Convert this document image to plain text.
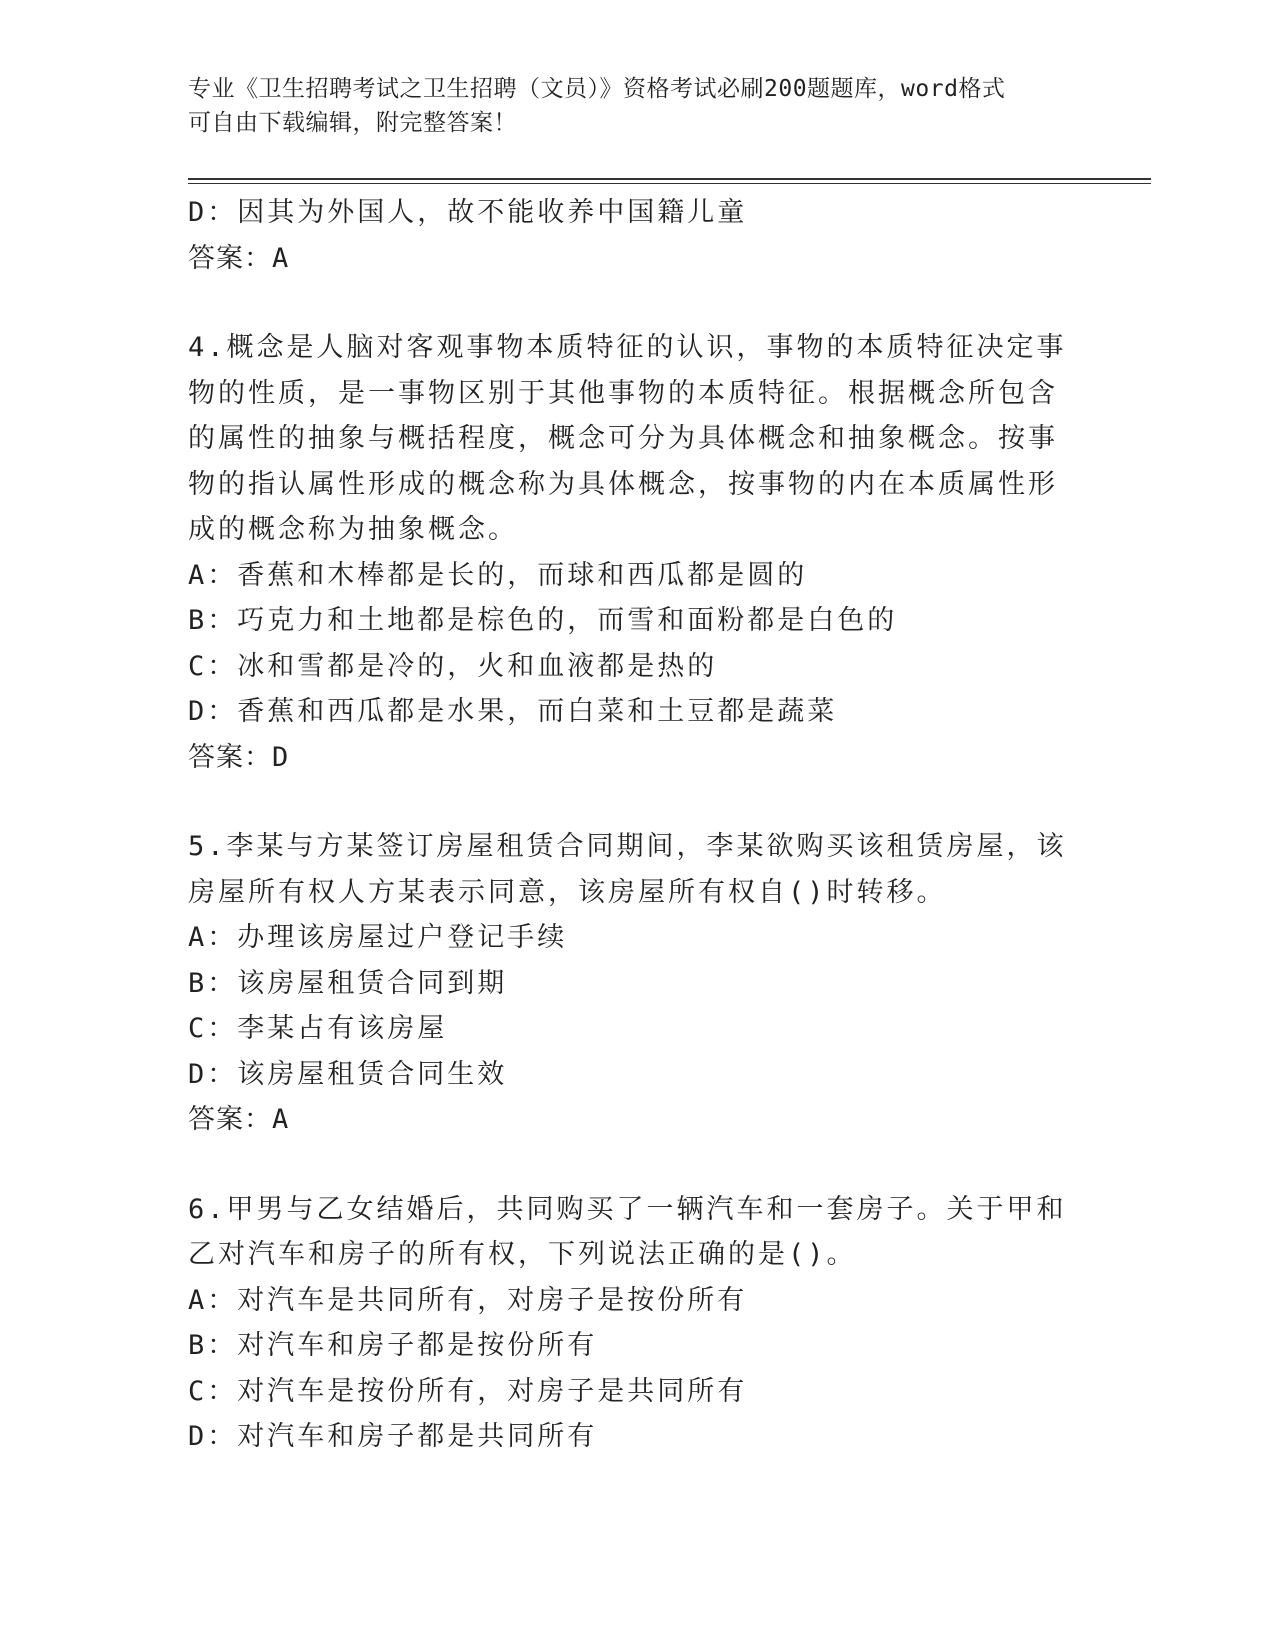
专业《卫生招聘考试之卫生招聘（文员）》资格考试必刷200题题库，word格式
可自由下载编辑，附完整答案！
D：因其为外国人，故不能收养中国籍儿童
答案：A
4.概念是人脑对客观事物本质特征的认识，事物的本质特征决定事物的性质，是一事物区别于其他事物的本质特征。根据概念所包含的属性的抽象与概括程度，概念可分为具体概念和抽象概念。按事物的指认属性形成的概念称为具体概念，按事物的内在本质属性形成的概念称为抽象概念。
A：香蕉和木棒都是长的，而球和西瓜都是圆的
B：巧克力和土地都是棕色的，而雪和面粉都是白色的
C：冰和雪都是冷的，火和血液都是热的
D：香蕉和西瓜都是水果，而白菜和土豆都是蔬菜
答案：D
5.李某与方某签订房屋租赁合同期间，李某欲购买该租赁房屋，该房屋所有权人方某表示同意，该房屋所有权自()时转移。
A：办理该房屋过户登记手续
B：该房屋租赁合同到期
C：李某占有该房屋
D：该房屋租赁合同生效
答案：A
6.甲男与乙女结婚后，共同购买了一辆汽车和一套房子。关于甲和乙对汽车和房子的所有权，下列说法正确的是()。
A：对汽车是共同所有，对房子是按份所有
B：对汽车和房子都是按份所有
C：对汽车是按份所有，对房子是共同所有
D：对汽车和房子都是共同所有
